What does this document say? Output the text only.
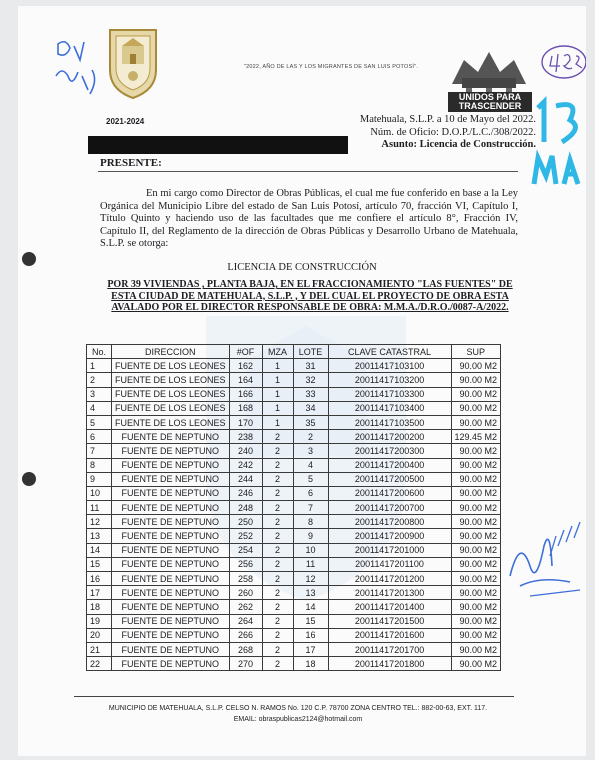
2021-2024
"2022, AÑO DE LAS Y LOS MIGRANTES DE SAN LUIS POTOSÍ".
UNIDOS PARA TRASCENDER
Matehuala, S.L.P. a 10 de Mayo del 2022.
Núm. de Oficio: D.O.P./L.C./308/2022.
Asunto: Licencia de Construcción.
PRESENTE:
En mi cargo como Director de Obras Públicas, el cual me fue conferido en base a la Ley Orgánica del Municipio Libre del estado de San Luis Potosí, artículo 70, fracción VI, Capítulo I, Título Quinto y haciendo uso de las facultades que me confiere el artículo 8°, Fracción IV, Capítulo II, del Reglamento de la dirección de Obras Públicas y Desarrollo Urbano de Matehuala, S.L.P. se otorga:
LICENCIA DE CONSTRUCCIÓN
POR 39 VIVIENDAS , PLANTA BAJA, EN EL FRACCIONAMIENTO "LAS FUENTES" DE ESTA CIUDAD DE MATEHUALA, S.L.P. , Y DEL CUAL EL PROYECTO DE OBRA ESTA AVALADO POR EL DIRECTOR RESPONSABLE DE OBRA: M.M.A./D.R.O./0087-A/2022.
No.	DIRECCION	#OF	MZA	LOTE	CLAVE CATASTRAL	SUP
1	FUENTE DE LOS LEONES	162	1	31	20011417103100	90.00 M2
2	FUENTE DE LOS LEONES	164	1	32	20011417103200	90.00 M2
3	FUENTE DE LOS LEONES	166	1	33	20011417103300	90.00 M2
4	FUENTE DE LOS LEONES	168	1	34	20011417103400	90.00 M2
5	FUENTE DE LOS LEONES	170	1	35	20011417103500	90.00 M2
6	FUENTE DE NEPTUNO	238	2	2	20011417200200	129.45 M2
7	FUENTE DE NEPTUNO	240	2	3	20011417200300	90.00 M2
8	FUENTE DE NEPTUNO	242	2	4	20011417200400	90.00 M2
9	FUENTE DE NEPTUNO	244	2	5	20011417200500	90.00 M2
10	FUENTE DE NEPTUNO	246	2	6	20011417200600	90.00 M2
11	FUENTE DE NEPTUNO	248	2	7	20011417200700	90.00 M2
12	FUENTE DE NEPTUNO	250	2	8	20011417200800	90.00 M2
13	FUENTE DE NEPTUNO	252	2	9	20011417200900	90.00 M2
14	FUENTE DE NEPTUNO	254	2	10	20011417201000	90.00 M2
15	FUENTE DE NEPTUNO	256	2	11	20011417201100	90.00 M2
16	FUENTE DE NEPTUNO	258	2	12	20011417201200	90.00 M2
17	FUENTE DE NEPTUNO	260	2	13	20011417201300	90.00 M2
18	FUENTE DE NEPTUNO	262	2	14	20011417201400	90.00 M2
19	FUENTE DE NEPTUNO	264	2	15	20011417201500	90.00 M2
20	FUENTE DE NEPTUNO	266	2	16	20011417201600	90.00 M2
21	FUENTE DE NEPTUNO	268	2	17	20011417201700	90.00 M2
22	FUENTE DE NEPTUNO	270	2	18	20011417201800	90.00 M2
MUNICIPIO DE MATEHUALA, S.L.P. CELSO N. RAMOS No. 120 C.P. 78700 ZONA CENTRO TEL.: 882-00-63, EXT. 117.
EMAIL: obraspublicas2124@hotmail.com
